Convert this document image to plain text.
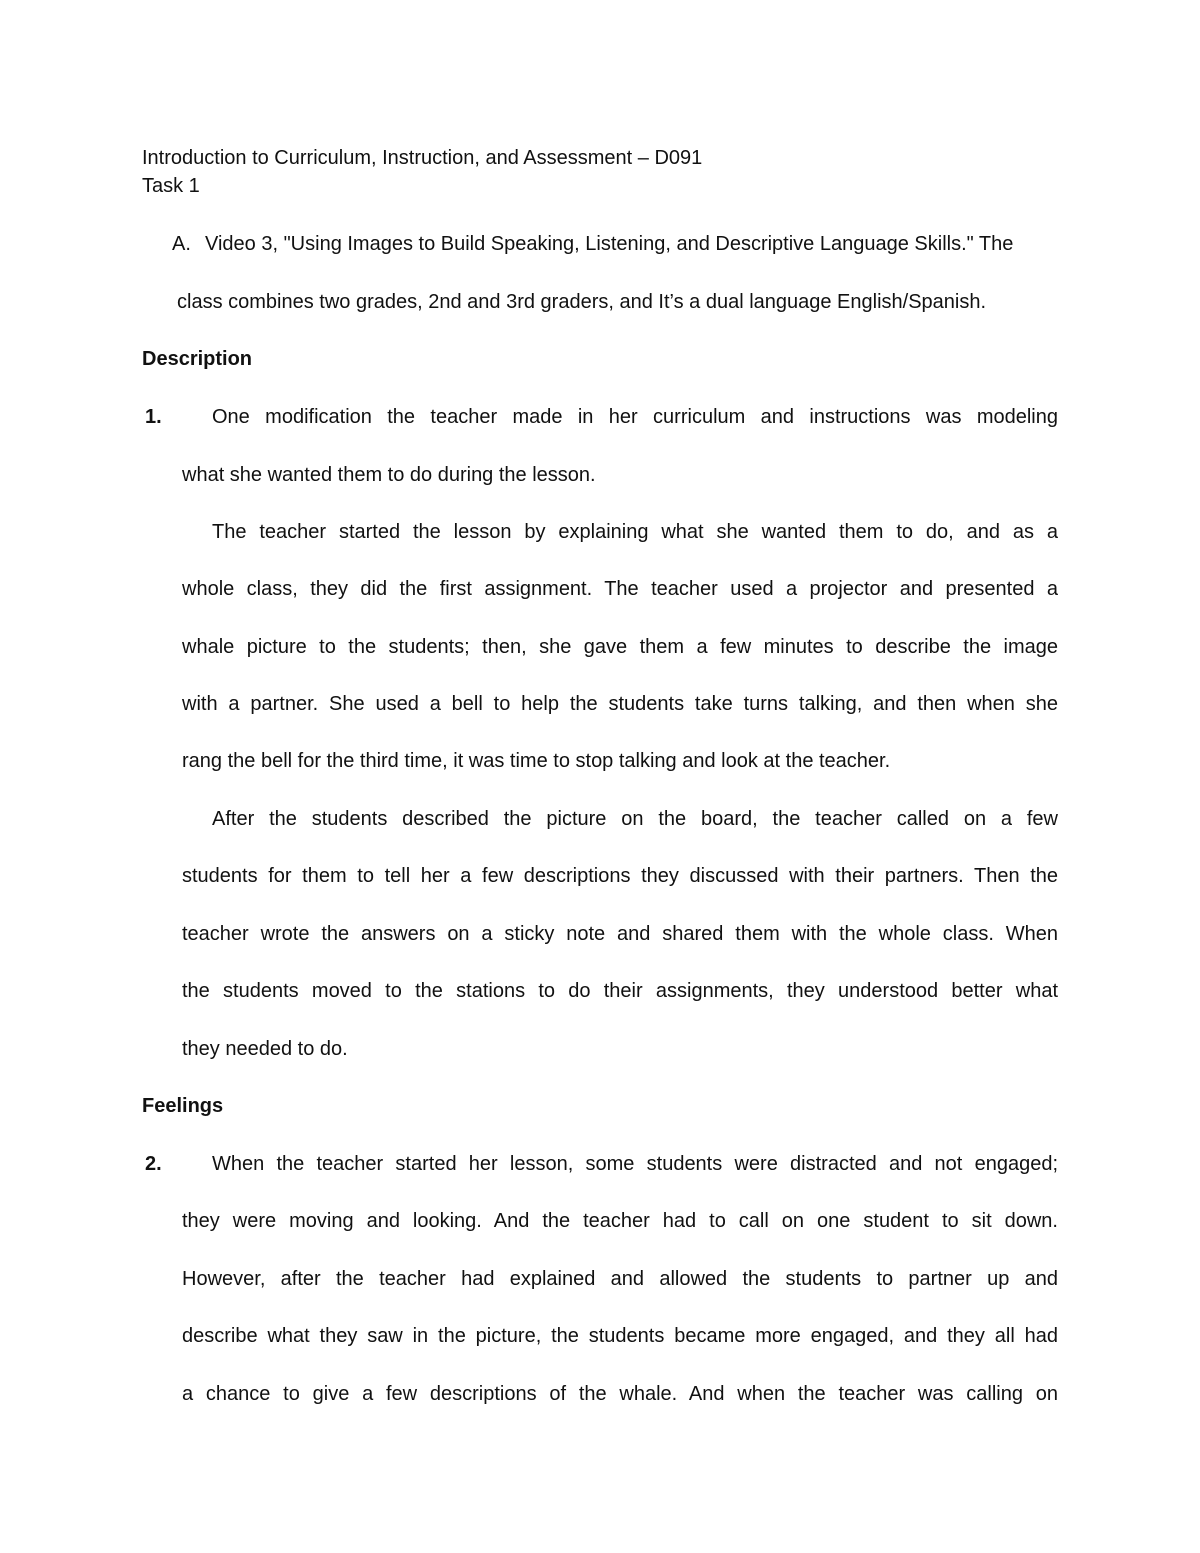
Introduction to Curriculum, Instruction, and Assessment – D091
Task 1
A. Video 3, "Using Images to Build Speaking, Listening, and Descriptive Language Skills." The
class combines two grades, 2nd and 3rd graders, and It’s a dual language English/Spanish.
Description
1.	One modification the teacher made in her curriculum and instructions was modeling
what she wanted them to do during the lesson.
The teacher started the lesson by explaining what she wanted them to do, and as a
whole class, they did the first assignment. The teacher used a projector and presented a
whale picture to the students; then, she gave them a few minutes to describe the image
with a partner. She used a bell to help the students take turns talking, and then when she
rang the bell for the third time, it was time to stop talking and look at the teacher.
After the students described the picture on the board, the teacher called on a few
students for them to tell her a few descriptions they discussed with their partners. Then the
teacher wrote the answers on a sticky note and shared them with the whole class. When
the students moved to the stations to do their assignments, they understood better what
they needed to do.
Feelings
2.	When the teacher started her lesson, some students were distracted and not engaged;
they were moving and looking. And the teacher had to call on one student to sit down.
However, after the teacher had explained and allowed the students to partner up and
describe what they saw in the picture, the students became more engaged, and they all had
a chance to give a few descriptions of the whale. And when the teacher was calling on
